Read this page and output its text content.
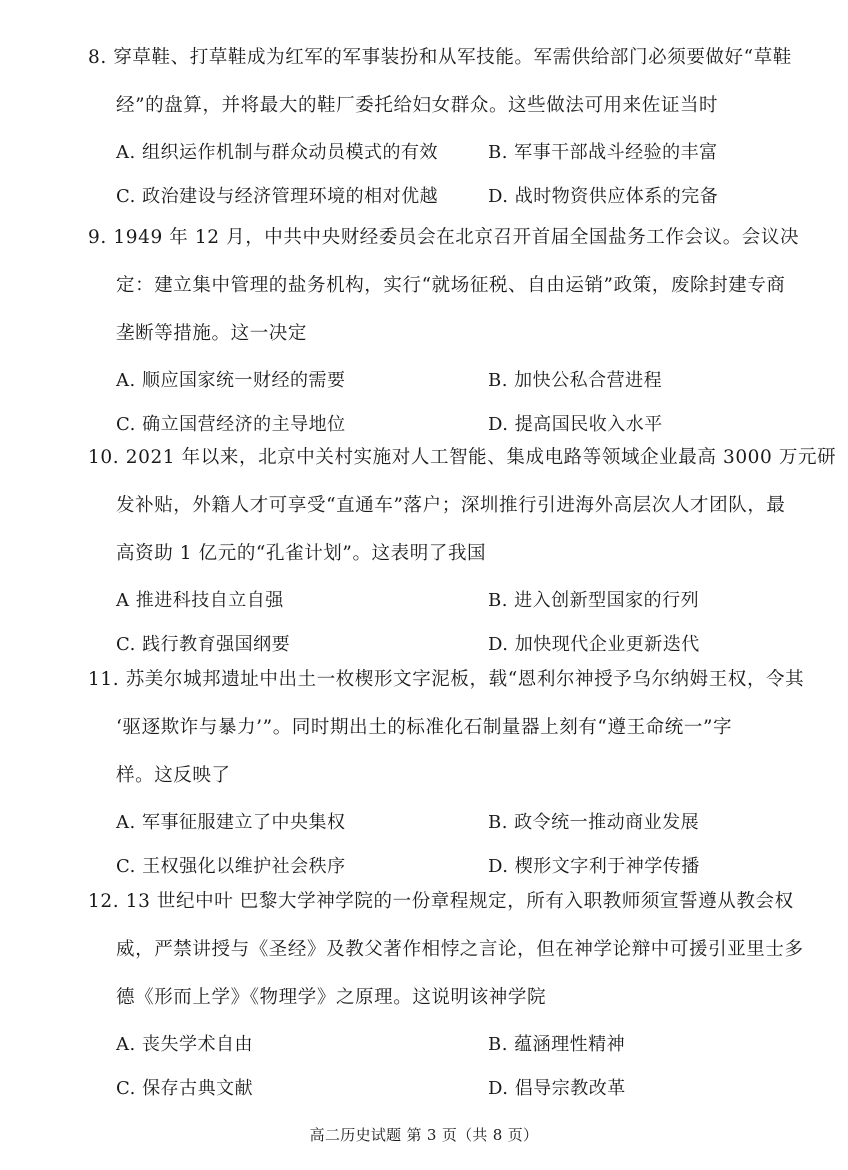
8. 穿草鞋、打草鞋成为红军的军事装扮和从军技能。军需供给部门必须要做好“草鞋
经”的盘算，并将最大的鞋厂委托给妇女群众。这些做法可用来佐证当时
A. 组织运作机制与群众动员模式的有效	B. 军事干部战斗经验的丰富
C. 政治建设与经济管理环境的相对优越	D. 战时物资供应体系的完备
9. 1949 年 12 月，中共中央财经委员会在北京召开首届全国盐务工作会议。会议决
定：建立集中管理的盐务机构，实行“就场征税、自由运销”政策，废除封建专商
垄断等措施。这一决定
A. 顺应国家统一财经的需要	B. 加快公私合营进程
C. 确立国营经济的主导地位	D. 提高国民收入水平
10. 2021 年以来，北京中关村实施对人工智能、集成电路等领域企业最高 3000 万元研
发补贴，外籍人才可享受“直通车”落户；深圳推行引进海外高层次人才团队，最
高资助 1 亿元的“孔雀计划”。这表明了我国
A 推进科技自立自强	B. 进入创新型国家的行列
C. 践行教育强国纲要	D. 加快现代企业更新迭代
11. 苏美尔城邦遗址中出土一枚楔形文字泥板，载“恩利尔神授予乌尔纳姆王权，令其
‘驱逐欺诈与暴力’”。同时期出土的标准化石制量器上刻有“遵王命统一”字
样。这反映了
A. 军事征服建立了中央集权	B. 政令统一推动商业发展
C. 王权强化以维护社会秩序	D. 楔形文字利于神学传播
12. 13 世纪中叶 巴黎大学神学院的一份章程规定，所有入职教师须宣誓遵从教会权
威，严禁讲授与《圣经》及教父著作相悖之言论，但在神学论辩中可援引亚里士多
德《形而上学》《物理学》之原理。这说明该神学院
A. 丧失学术自由	B. 蕴涵理性精神
C. 保存古典文献	D. 倡导宗教改革
高二历史试题 第 3 页（共 8 页）
